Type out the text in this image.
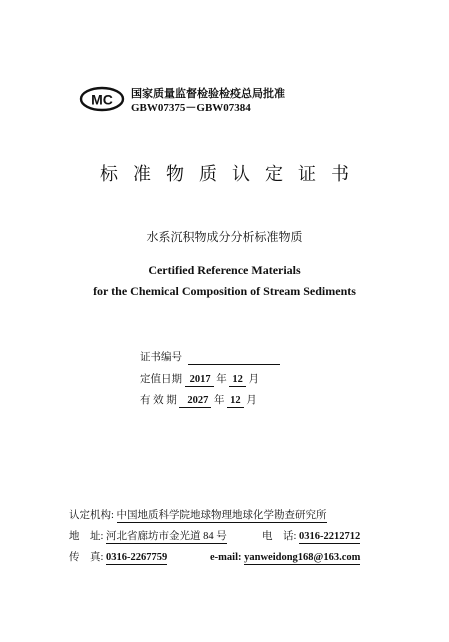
MC 国家质量监督检验检疫总局批准
GBW07375－GBW07384
标准物质认定证书
水系沉积物成分分析标准物质
Certified Reference Materials
for the Chemical Composition of Stream Sediments
证书编号
定值日期 2017 年 12 月
有 效 期 2027 年 12 月
认定机构: 中国地质科学院地球物理地球化学勘查研究所
地　址: 河北省廊坊市金光道 84 号	电　话: 0316-2212712
传　真: 0316-2267759	e-mail: yanweidong168@163.com
